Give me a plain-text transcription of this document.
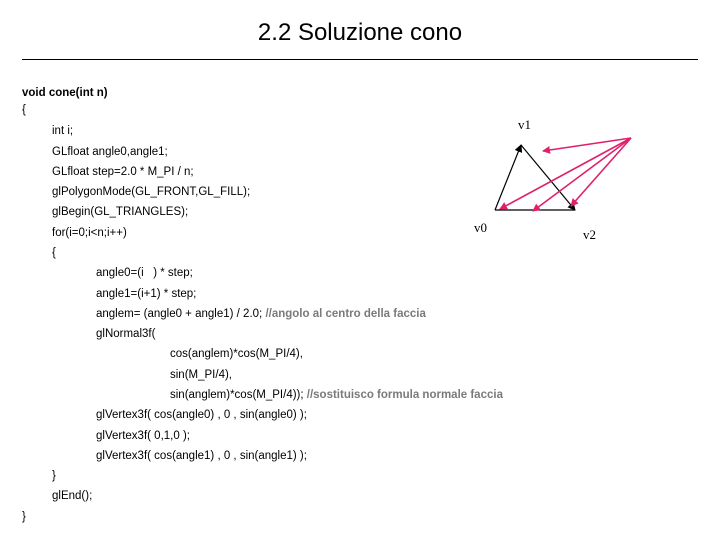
2.2 Soluzione cono
void cone(int n)
{
int i;
GLfloat angle0,angle1;
GLfloat step=2.0 * M_PI / n;
glPolygonMode(GL_FRONT,GL_FILL);
glBegin(GL_TRIANGLES);
for(i=0;i<n;i++)
{
angle0=(i   ) * step;
angle1=(i+1) * step;
anglem= (angle0 + angle1) / 2.0; //angolo al centro della faccia
glNormal3f(
cos(anglem)*cos(M_PI/4),
sin(M_PI/4),
sin(anglem)*cos(M_PI/4)); //sostituisco formula normale faccia
glVertex3f( cos(angle0) , 0 , sin(angle0) );
glVertex3f( 0,1,0 );
glVertex3f( cos(angle1) , 0 , sin(angle1) );
}
glEnd();
}
v1
v0	v2
